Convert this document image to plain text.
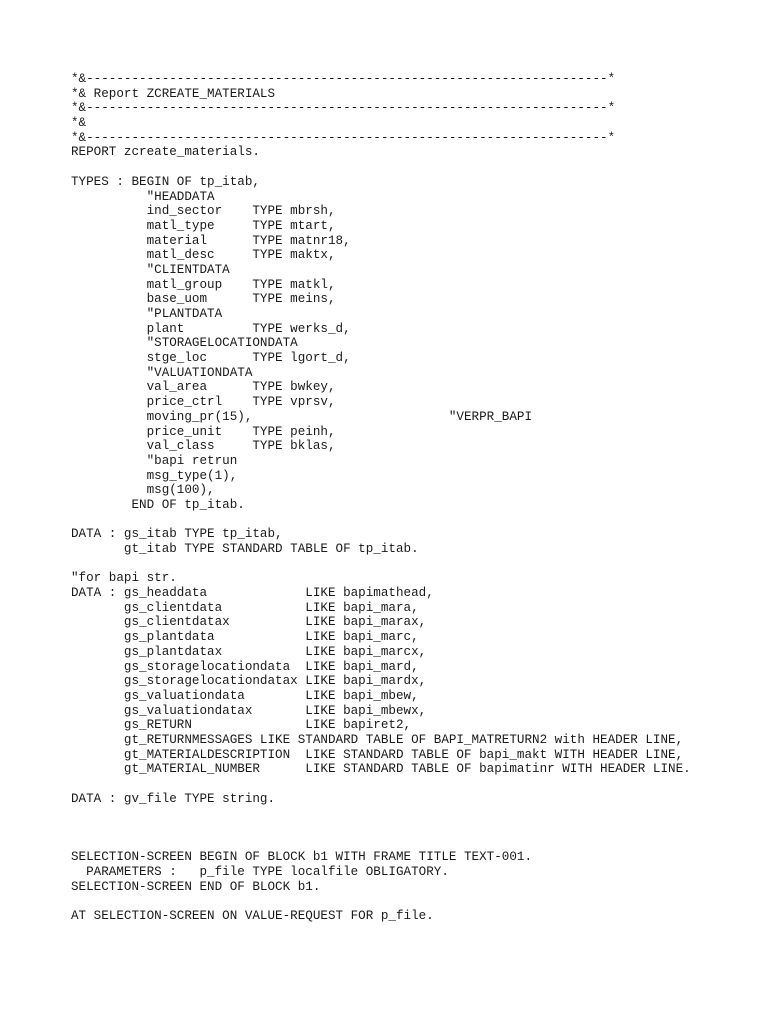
*&---------------------------------------------------------------------*
*& Report ZCREATE_MATERIALS
*&---------------------------------------------------------------------*
*&
*&---------------------------------------------------------------------*
REPORT zcreate_materials.
TYPES : BEGIN OF tp_itab,
"HEADDATA
ind_sector    TYPE mbrsh,
matl_type     TYPE mtart,
material      TYPE matnr18,
matl_desc     TYPE maktx,
"CLIENTDATA
matl_group    TYPE matkl,
base_uom      TYPE meins,
"PLANTDATA
plant         TYPE werks_d,
"STORAGELOCATIONDATA
stge_loc      TYPE lgort_d,
"VALUATIONDATA
val_area      TYPE bwkey,
price_ctrl    TYPE vprsv,
moving_pr(15),                          "VERPR_BAPI
price_unit    TYPE peinh,
val_class     TYPE bklas,
"bapi retrun
msg_type(1),
msg(100),
END OF tp_itab.
DATA : gs_itab TYPE tp_itab,
gt_itab TYPE STANDARD TABLE OF tp_itab.
"for bapi str.
DATA : gs_headdata             LIKE bapimathead,
gs_clientdata           LIKE bapi_mara,
gs_clientdatax          LIKE bapi_marax,
gs_plantdata            LIKE bapi_marc,
gs_plantdatax           LIKE bapi_marcx,
gs_storagelocationdata  LIKE bapi_mard,
gs_storagelocationdatax LIKE bapi_mardx,
gs_valuationdata        LIKE bapi_mbew,
gs_valuationdatax       LIKE bapi_mbewx,
gs_RETURN               LIKE bapiret2,
gt_RETURNMESSAGES LIKE STANDARD TABLE OF BAPI_MATRETURN2 with HEADER LINE,
gt_MATERIALDESCRIPTION  LIKE STANDARD TABLE OF bapi_makt WITH HEADER LINE,
gt_MATERIAL_NUMBER      LIKE STANDARD TABLE OF bapimatinr WITH HEADER LINE.
DATA : gv_file TYPE string.
SELECTION-SCREEN BEGIN OF BLOCK b1 WITH FRAME TITLE TEXT-001.
PARAMETERS :   p_file TYPE localfile OBLIGATORY.
SELECTION-SCREEN END OF BLOCK b1.
AT SELECTION-SCREEN ON VALUE-REQUEST FOR p_file.
